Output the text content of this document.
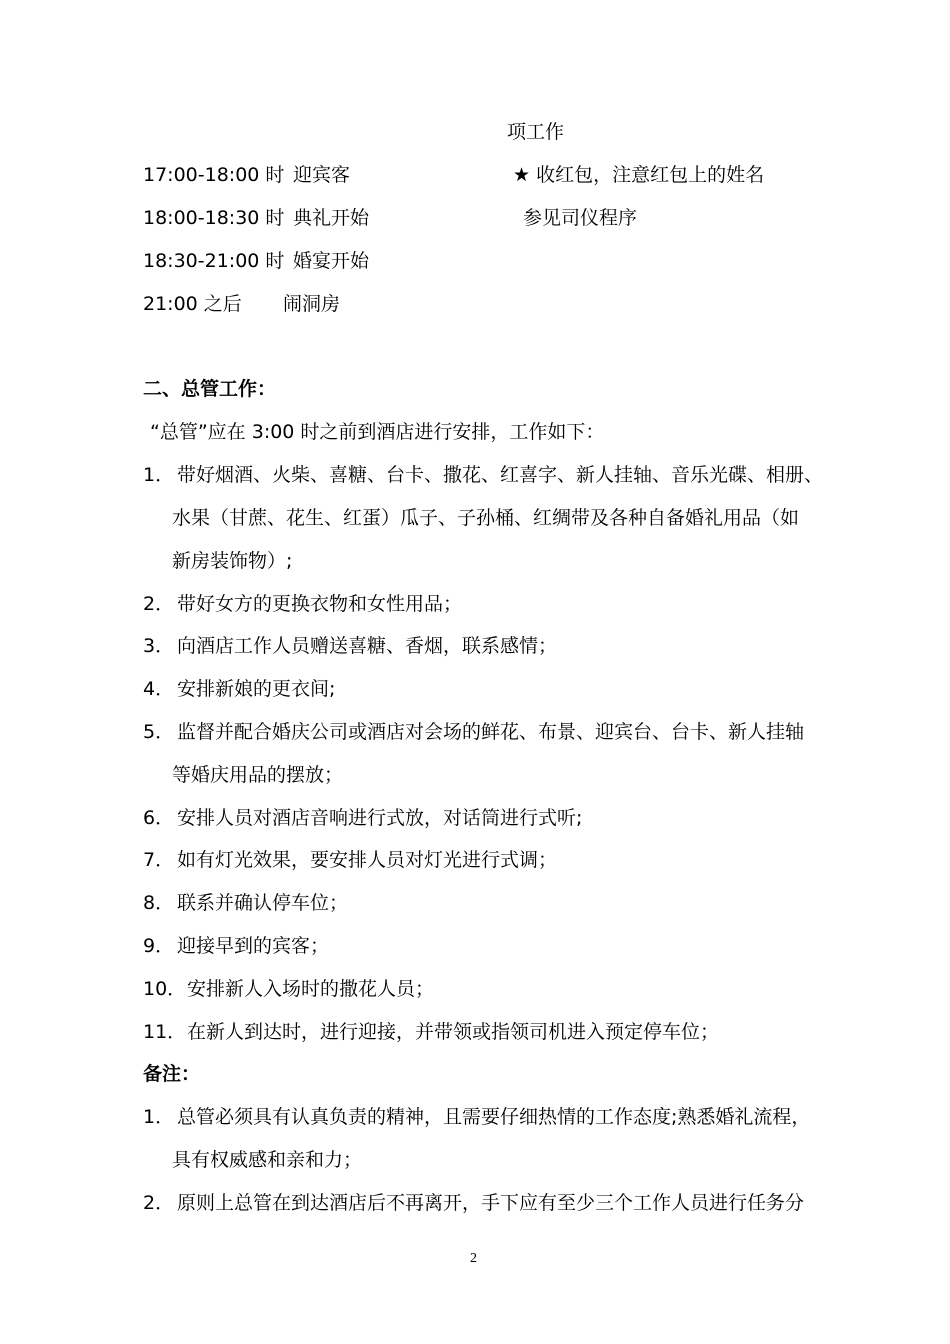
项工作
17:00-18:00 时 迎宾客	★ 收红包，注意红包上的姓名
18:00-18:30 时 典礼开始	参见司仪程序
18:30-21:00 时 婚宴开始
21:00 之后 闹洞房
二、总管工作：
“总管”应在 3:00 时之前到酒店进行安排，工作如下：
1． 带好烟酒、火柴、喜糖、台卡、撒花、红喜字、新人挂轴、音乐光碟、相册、
水果（甘蔗、花生、红蛋）瓜子、子孙桶、红绸带及各种自备婚礼用品（如
新房装饰物）;
2． 带好女方的更换衣物和女性用品；
3． 向酒店工作人员赠送喜糖、香烟，联系感情；
4． 安排新娘的更衣间;
5． 监督并配合婚庆公司或酒店对会场的鲜花、布景、迎宾台、台卡、新人挂轴
等婚庆用品的摆放；
6． 安排人员对酒店音响进行式放，对话筒进行式听;
7． 如有灯光效果，要安排人员对灯光进行式调；
8． 联系并确认停车位；
9． 迎接早到的宾客；
10． 安排新人入场时的撒花人员；
11． 在新人到达时，进行迎接，并带领或指领司机进入预定停车位；
备注：
1． 总管必须具有认真负责的精神，且需要仔细热情的工作态度;熟悉婚礼流程，
具有权威感和亲和力；
2． 原则上总管在到达酒店后不再离开，手下应有至少三个工作人员进行任务分
2
